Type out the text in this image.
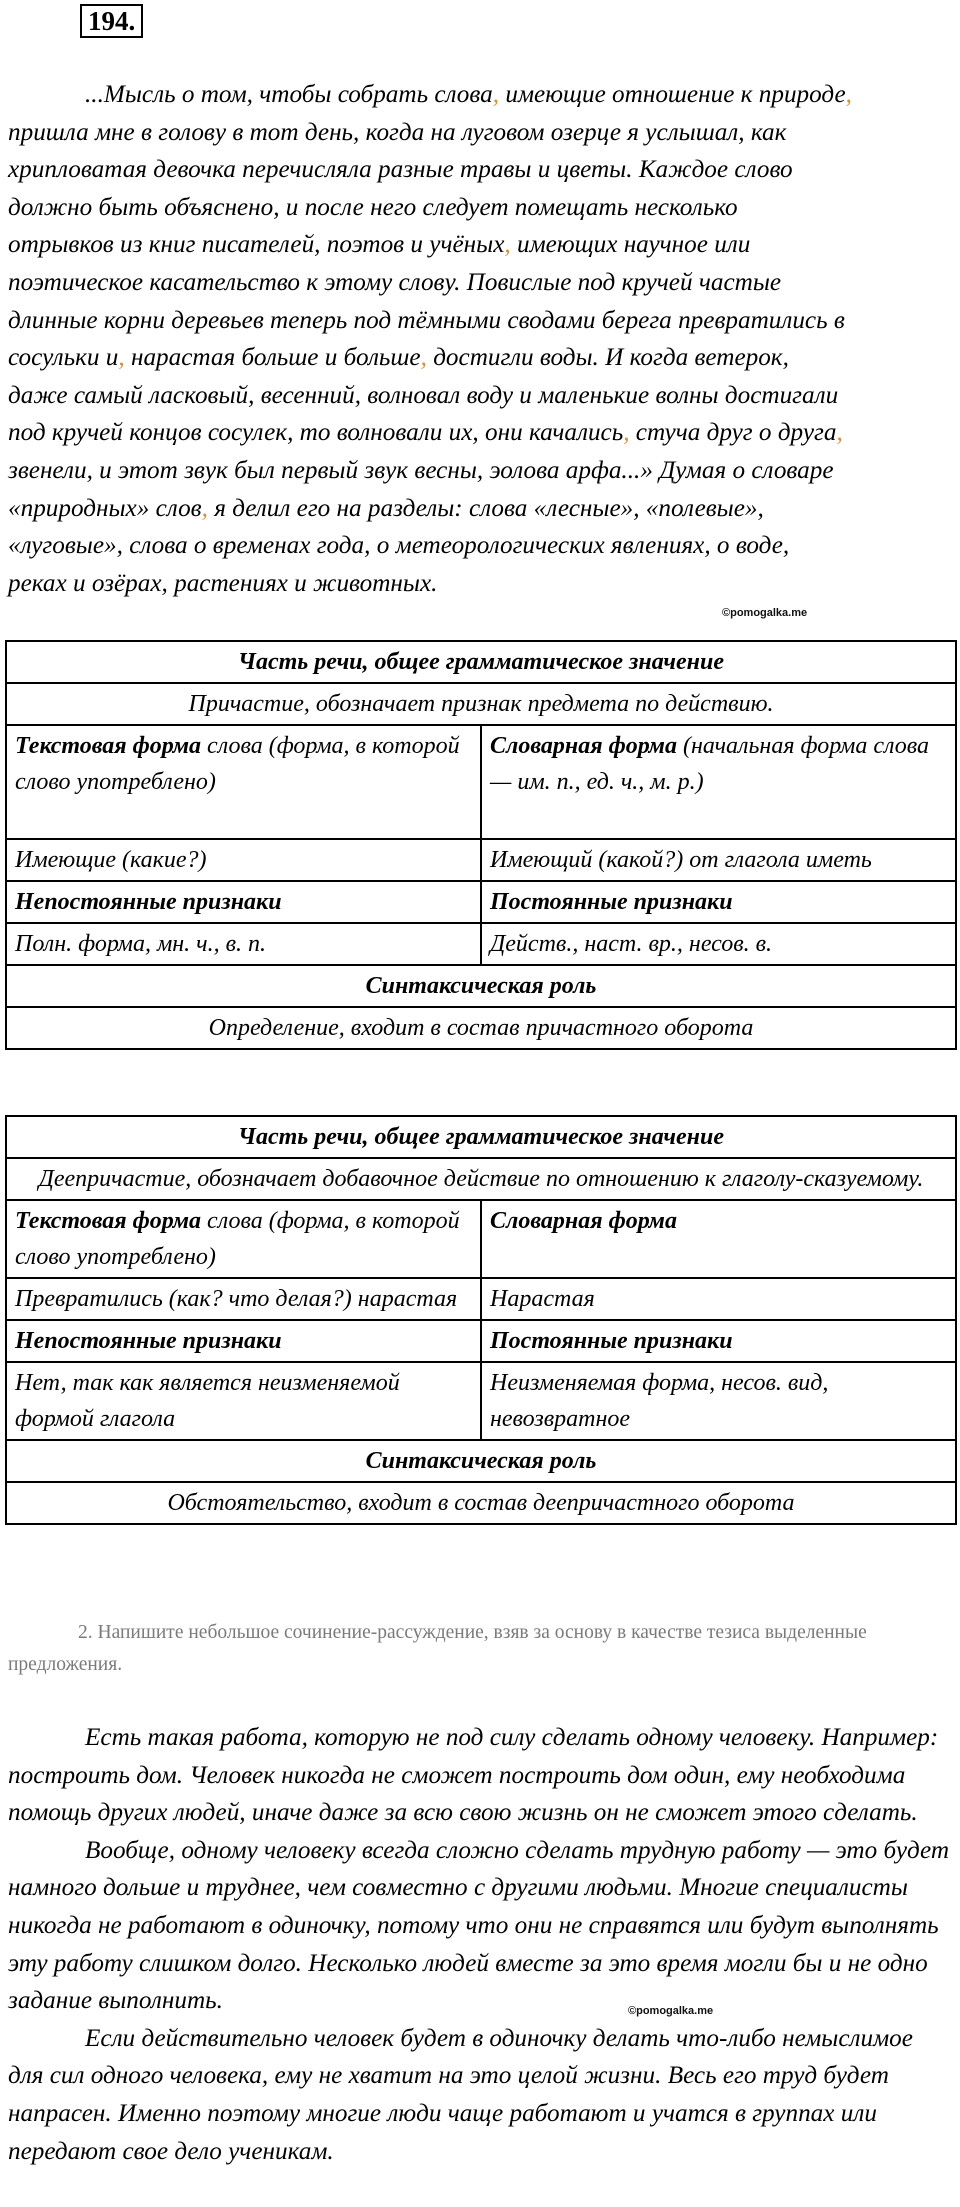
194.
...Мысль о том, чтобы собрать слова, имеющие отношение к природе,
пришла мне в голову в тот день, когда на луговом озерце я услышал, как
хрипловатая девочка перечисляла разные травы и цветы. Каждое слово
должно быть объяснено, и после него следует помещать несколько
отрывков из книг писателей, поэтов и учёных, имеющих научное или
поэтическое касательство к этому слову. Повислые под кручей частые
длинные корни деревьев теперь под тёмными сводами берега превратились в
сосульки и, нарастая больше и больше, достигли воды. И когда ветерок,
даже самый ласковый, весенний, волновал воду и маленькие волны достигали
под кручей концов сосулек, то волновали их, они качались, стуча друг о друга,
звенели, и этот звук был первый звук весны, эолова арфа...» Думая о словаре
«природных» слов, я делил его на разделы: слова «лесные», «полевые»,
«луговые», слова о временах года, о метеорологических явлениях, о воде,
реках и озёрах, растениях и животных.
©pomogalka.me
Часть речи, общее грамматическое значение	
Причастие, обозначает признак предмета по действию.	
Текстовая форма слова (форма, в которой слово употреблено)	Словарная форма (начальная форма слова — им. п., ед. ч., м. р.)
Имеющие (какие?)	Имеющий (какой?) от глагола иметь
Непостоянные признаки	Постоянные признаки
Полн. форма, мн. ч., в. п.	Действ., наст. вр., несов. в.
Синтаксическая роль	
Определение, входит в состав причастного оборота	
Часть речи, общее грамматическое значение	
Деепричастие, обозначает добавочное действие по отношению к глаголу-сказуемому.	
Текстовая форма слова (форма, в которой слово употреблено)	Словарная форма
Превратились (как? что делая?) нарастая	Нарастая
Непостоянные признаки	Постоянные признаки
Нет, так как является неизменяемой формой глагола	Неизменяемая форма, несов. вид, невозвратное
Синтаксическая роль	
Обстоятельство, входит в состав деепричастного оборота	

2. Напишите небольшое сочинение-рассуждение, взяв за основу в качестве тезиса выделенные предложения.

Есть такая работа, которую не под силу сделать одному человеку. Например: построить дом. Человек никогда не сможет построить дом один, ему необходима помощь других людей, иначе даже за всю свою жизнь он не сможет этого сделать.

Вообще, одному человеку всегда сложно сделать трудную работу — это будет намного дольше и труднее, чем совместно с другими людьми. Многие специалисты никогда не работают в одиночку, потому что они не справятся или будут выполнять эту работу слишком долго. Несколько людей вместе за это время могли бы и не одно задание выполнить.

Если действительно человек будет в одиночку делать что-либо немыслимое для сил одного человека, ему не хватит на это целой жизни. Весь его труд будет напрасен. Именно поэтому многие люди чаще работают и учатся в группах или передают свое дело ученикам.

©pomogalka.me
